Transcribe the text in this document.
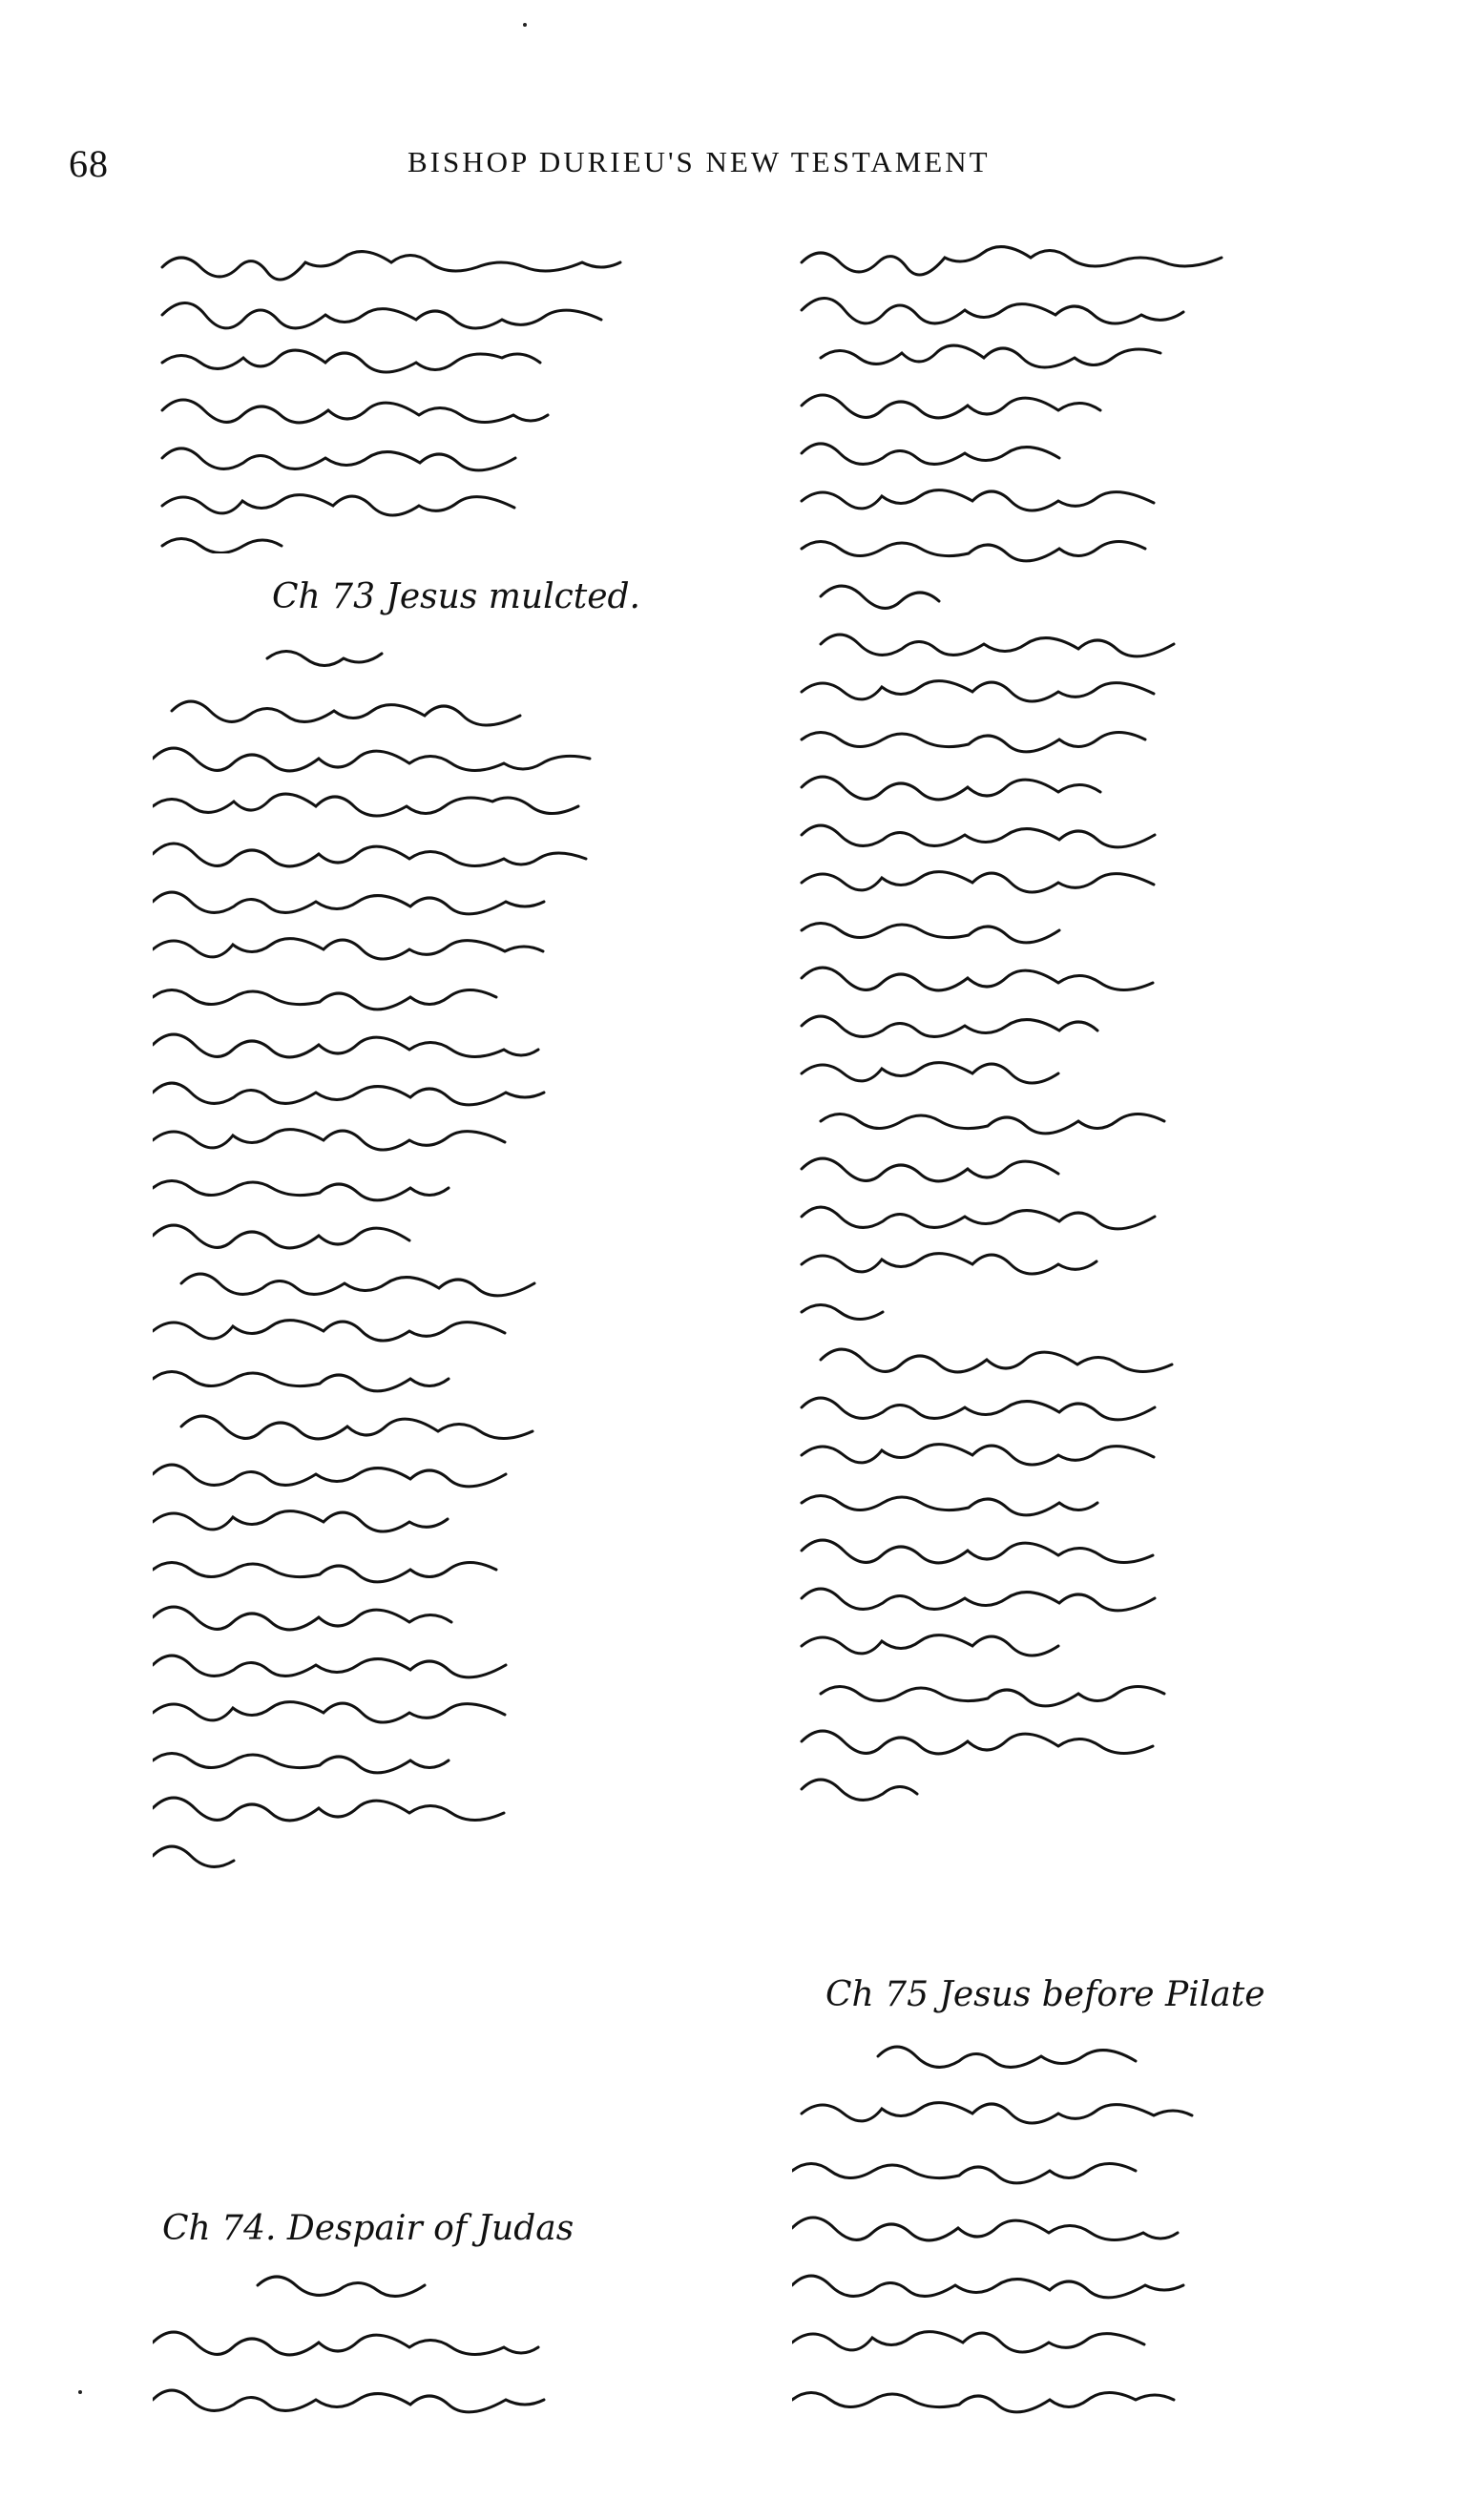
68	BISHOP DURIEU'S NEW TESTAMENT
Ch 73 Jesus mulcted.
Ch 74. Despair of Judas
Ch 75 Jesus before Pilate
